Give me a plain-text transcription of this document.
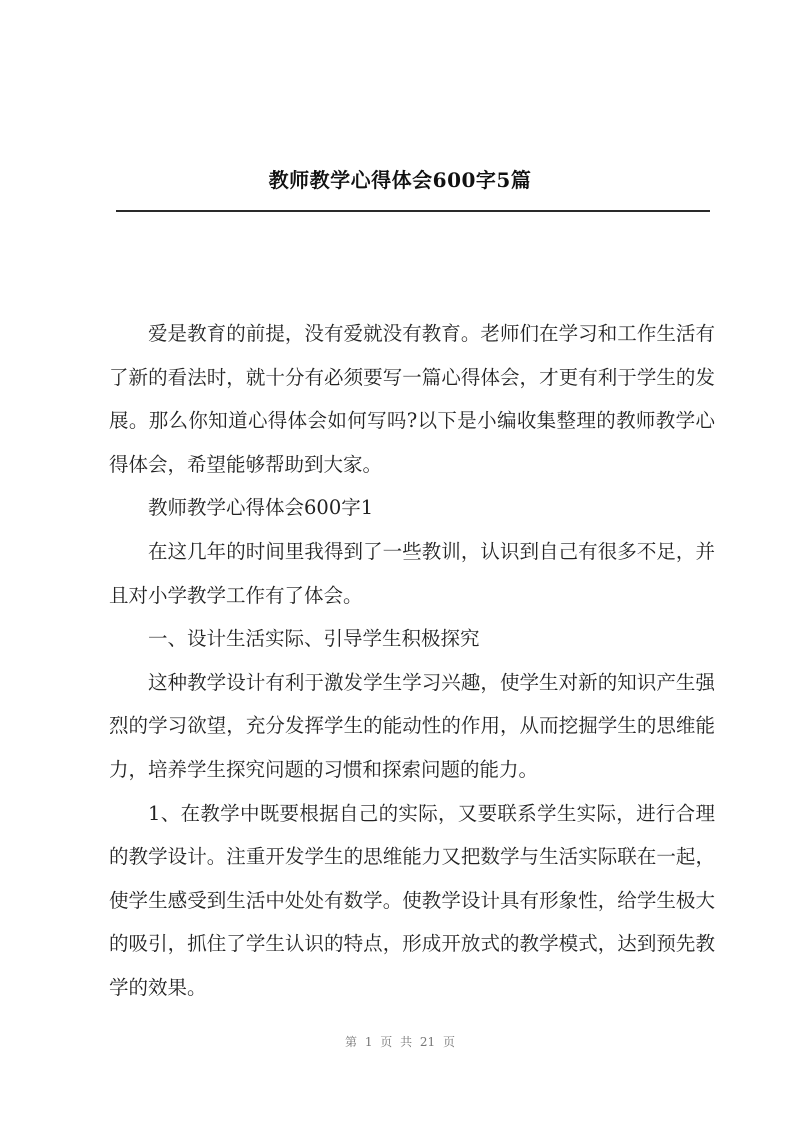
教师教学心得体会600字5篇

爱是教育的前提，没有爱就没有教育。老师们在学习和工作生活有了新的看法时，就十分有必须要写一篇心得体会，才更有利于学生的发展。那么你知道心得体会如何写吗?以下是小编收集整理的教师教学心得体会，希望能够帮助到大家。

教师教学心得体会600字1

在这几年的时间里我得到了一些教训，认识到自己有很多不足，并且对小学教学工作有了体会。

一、设计生活实际、引导学生积极探究

这种教学设计有利于激发学生学习兴趣，使学生对新的知识产生强烈的学习欲望，充分发挥学生的能动性的作用，从而挖掘学生的思维能力，培养学生探究问题的习惯和探索问题的能力。

1、在教学中既要根据自己的实际，又要联系学生实际，进行合理的教学设计。注重开发学生的思维能力又把数学与生活实际联在一起，使学生感受到生活中处处有数学。使教学设计具有形象性，给学生极大的吸引，抓住了学生认识的特点，形成开放式的教学模式，达到预先教学的效果。

第 1 页 共 21 页
